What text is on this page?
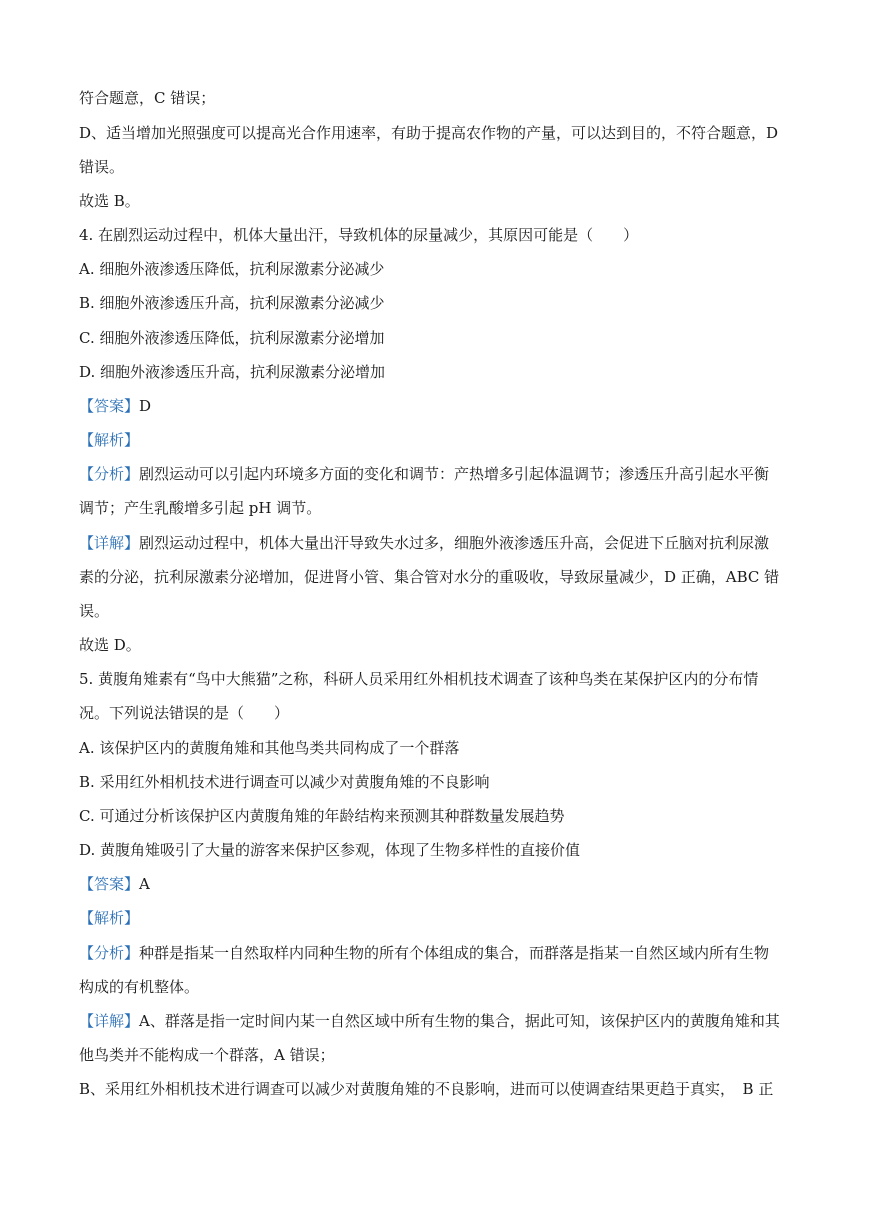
符合题意，C 错误；
D、适当增加光照强度可以提高光合作用速率，有助于提高农作物的产量，可以达到目的，不符合题意，D
错误。
故选 B。
4. 在剧烈运动过程中，机体大量出汗，导致机体的尿量减少，其原因可能是（　　）
A. 细胞外液渗透压降低，抗利尿激素分泌减少
B. 细胞外液渗透压升高，抗利尿激素分泌减少
C. 细胞外液渗透压降低，抗利尿激素分泌增加
D. 细胞外液渗透压升高，抗利尿激素分泌增加
【答案】D
【解析】
【分析】剧烈运动可以引起内环境多方面的变化和调节：产热增多引起体温调节；渗透压升高引起水平衡
调节；产生乳酸增多引起 pH 调节。
【详解】剧烈运动过程中，机体大量出汗导致失水过多，细胞外液渗透压升高，会促进下丘脑对抗利尿激
素的分泌，抗利尿激素分泌增加，促进肾小管、集合管对水分的重吸收，导致尿量减少，D 正确，ABC 错
误。
故选 D。
5. 黄腹角雉素有“鸟中大熊猫”之称，科研人员采用红外相机技术调查了该种鸟类在某保护区内的分布情
况。下列说法错误的是（　　）
A. 该保护区内的黄腹角雉和其他鸟类共同构成了一个群落
B. 采用红外相机技术进行调查可以减少对黄腹角雉的不良影响
C. 可通过分析该保护区内黄腹角雉的年龄结构来预测其种群数量发展趋势
D. 黄腹角雉吸引了大量的游客来保护区参观，体现了生物多样性的直接价值
【答案】A
【解析】
【分析】种群是指某一自然取样内同种生物的所有个体组成的集合，而群落是指某一自然区域内所有生物
构成的有机整体。
【详解】A、群落是指一定时间内某一自然区域中所有生物的集合，据此可知，该保护区内的黄腹角雉和其
他鸟类并不能构成一个群落，A 错误；
B、采用红外相机技术进行调查可以减少对黄腹角雉的不良影响，进而可以使调查结果更趋于真实，　B 正
